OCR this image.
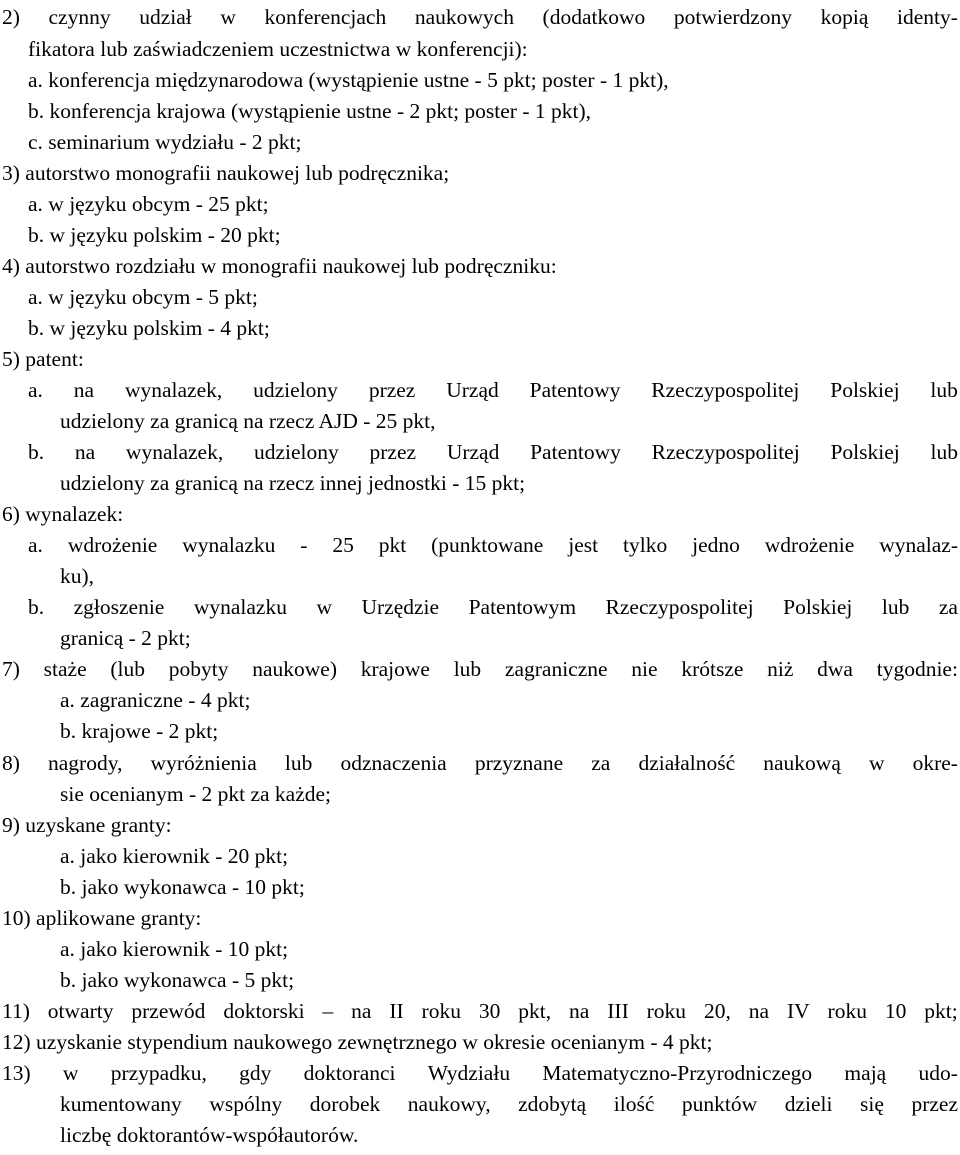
2) czynny udział w konferencjach naukowych (dodatkowo potwierdzony kopią identy-
fikatora lub zaświadczeniem uczestnictwa w konferencji):
a. konferencja międzynarodowa (wystąpienie ustne - 5 pkt; poster - 1 pkt),
b. konferencja krajowa (wystąpienie ustne - 2 pkt; poster - 1 pkt),
c. seminarium wydziału - 2 pkt;
3) autorstwo monografii naukowej lub podręcznika;
a. w języku obcym - 25 pkt;
b. w języku polskim - 20 pkt;
4) autorstwo rozdziału w monografii naukowej lub podręczniku:
a. w języku obcym - 5 pkt;
b. w języku polskim - 4 pkt;
5) patent:
a. na wynalazek, udzielony przez Urząd Patentowy Rzeczypospolitej Polskiej lub
udzielony za granicą na rzecz AJD - 25 pkt,
b. na wynalazek, udzielony przez Urząd Patentowy Rzeczypospolitej Polskiej lub
udzielony za granicą na rzecz innej jednostki - 15 pkt;
6) wynalazek:
a. wdrożenie wynalazku - 25 pkt (punktowane jest tylko jedno wdrożenie wynalaz-
ku),
b. zgłoszenie wynalazku w Urzędzie Patentowym Rzeczypospolitej Polskiej lub za
granicą - 2 pkt;
7) staże (lub pobyty naukowe) krajowe lub zagraniczne nie krótsze niż dwa tygodnie:
a. zagraniczne - 4 pkt;
b. krajowe - 2 pkt;
8) nagrody, wyróżnienia lub odznaczenia przyznane za działalność naukową w okre-
sie ocenianym - 2 pkt za każde;
9) uzyskane granty:
a. jako kierownik - 20 pkt;
b. jako wykonawca - 10 pkt;
10) aplikowane granty:
a. jako kierownik - 10 pkt;
b. jako wykonawca - 5 pkt;
11) otwarty przewód doktorski – na II roku 30 pkt, na III roku 20, na IV roku 10 pkt;
12) uzyskanie stypendium naukowego zewnętrznego w okresie ocenianym - 4 pkt;
13) w przypadku, gdy doktoranci Wydziału Matematyczno-Przyrodniczego mają udo-
kumentowany wspólny dorobek naukowy, zdobytą ilość punktów dzieli się przez
liczbę doktorantów-współautorów.
